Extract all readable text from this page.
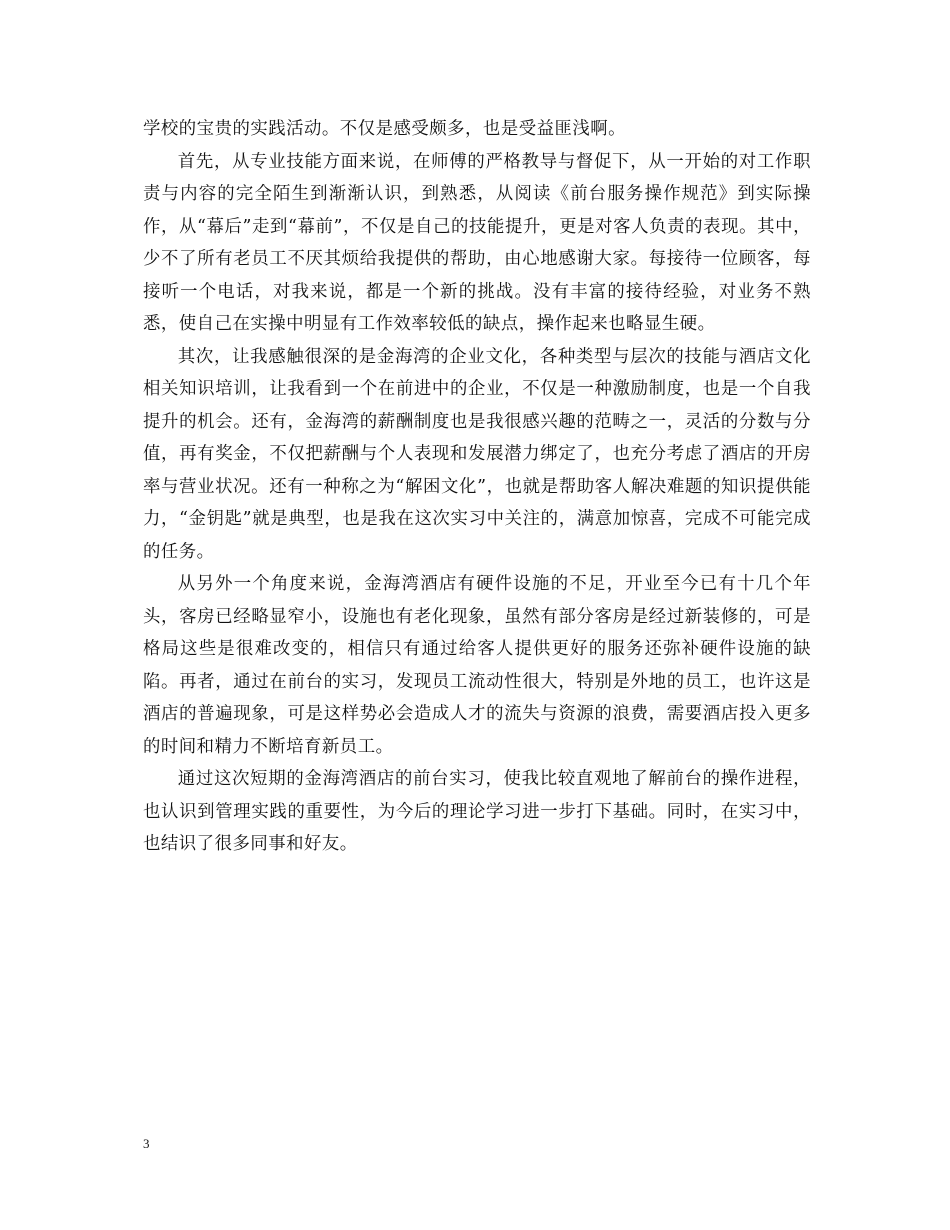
学校的宝贵的实践活动。不仅是感受颇多，也是受益匪浅啊。

首先，从专业技能方面来说，在师傅的严格教导与督促下，从一开始的对工作职责与内容的完全陌生到渐渐认识，到熟悉，从阅读《前台服务操作规范》到实际操作，从“幕后”走到“幕前”，不仅是自己的技能提升，更是对客人负责的表现。其中，少不了所有老员工不厌其烦给我提供的帮助，由心地感谢大家。每接待一位顾客，每接听一个电话，对我来说，都是一个新的挑战。没有丰富的接待经验，对业务不熟悉，使自己在实操中明显有工作效率较低的缺点，操作起来也略显生硬。

其次，让我感触很深的是金海湾的企业文化，各种类型与层次的技能与酒店文化相关知识培训，让我看到一个在前进中的企业，不仅是一种激励制度，也是一个自我提升的机会。还有，金海湾的薪酬制度也是我很感兴趣的范畴之一，灵活的分数与分值，再有奖金，不仅把薪酬与个人表现和发展潜力绑定了，也充分考虑了酒店的开房率与营业状况。还有一种称之为“解困文化”，也就是帮助客人解决难题的知识提供能力，“金钥匙”就是典型，也是我在这次实习中关注的，满意加惊喜，完成不可能完成的任务。

从另外一个角度来说，金海湾酒店有硬件设施的不足，开业至今已有十几个年头，客房已经略显窄小，设施也有老化现象，虽然有部分客房是经过新装修的，可是格局这些是很难改变的，相信只有通过给客人提供更好的服务还弥补硬件设施的缺陷。再者，通过在前台的实习，发现员工流动性很大，特别是外地的员工，也许这是酒店的普遍现象，可是这样势必会造成人才的流失与资源的浪费，需要酒店投入更多的时间和精力不断培育新员工。

通过这次短期的金海湾酒店的前台实习，使我比较直观地了解前台的操作进程，也认识到管理实践的重要性，为今后的理论学习进一步打下基础。同时，在实习中，也结识了很多同事和好友。

3
